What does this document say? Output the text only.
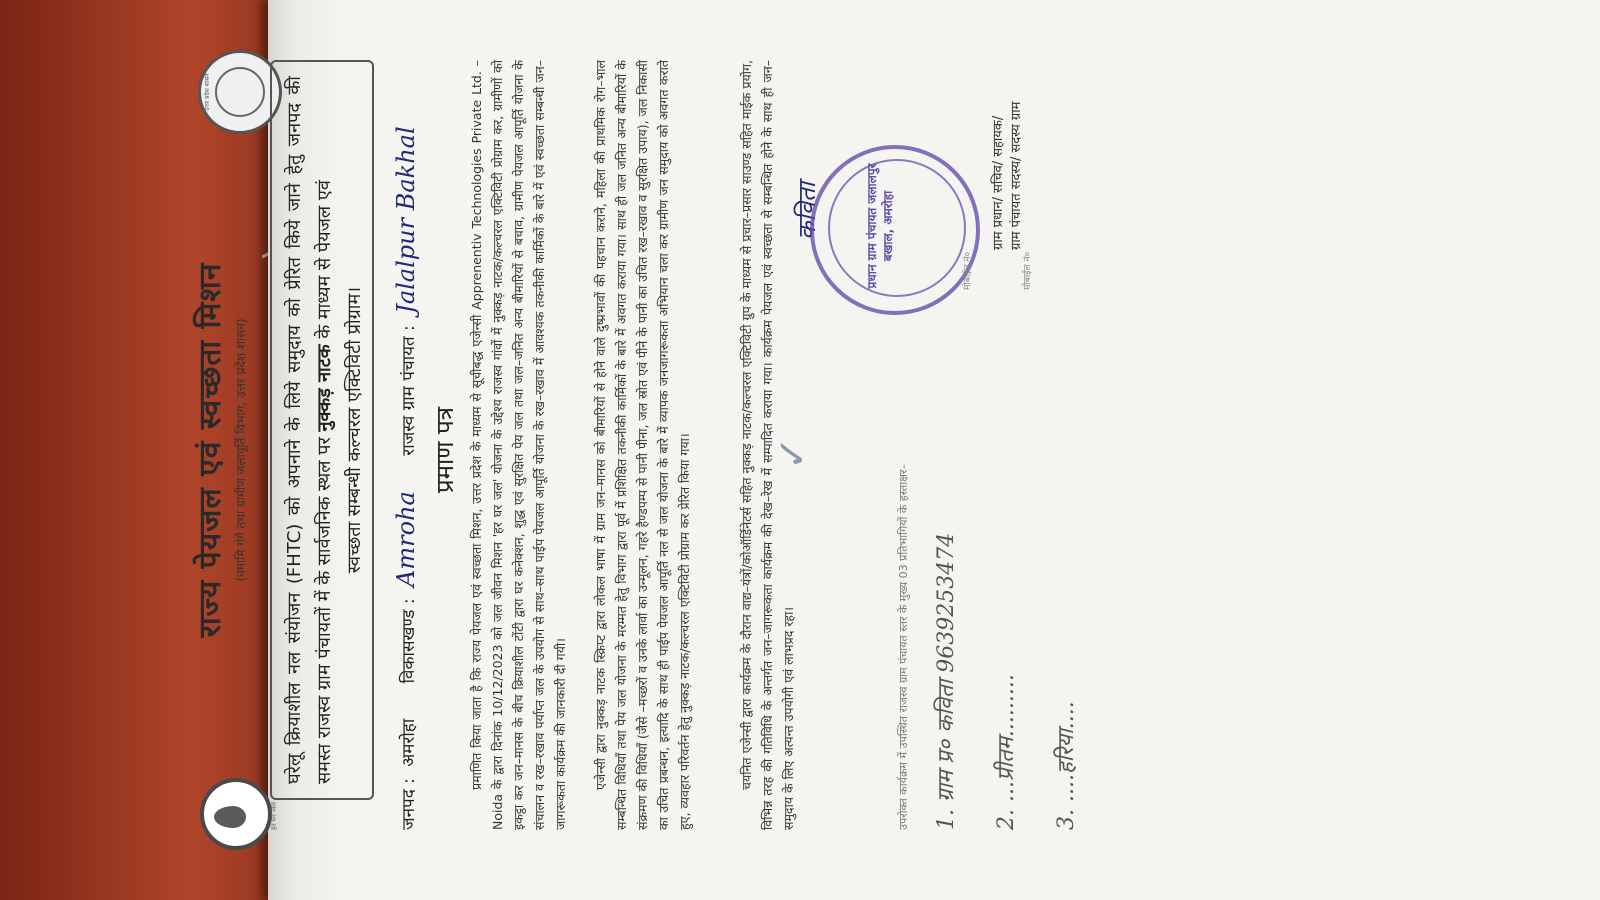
हर घर जल
उत्तर प्रदेश शासन
राज्य पेयजल एवं स्वच्छता मिशन (नमामि गंगे तथा ग्रामीण जलापूर्ति विभाग, उत्तर प्रदेश शासन)	घरेलू क्रियाशील नल संयोजन (FHTC) को अपनाने के लिये समुदाय को प्रेरित किये जाने हेतु जनपद की समस्त राजस्व ग्राम पंचायतों में के सार्वजनिक स्थल पर नुक्कड़ नाटक के माध्यम से पेयजल एवं
स्वच्छता सम्बन्धी कल्चरल एक्टिविटी प्रोग्राम।
जनपद : अमरोहा विकासखण्ड : Amroha राजस्व ग्राम पंचायत : Jalalpur Bakhal
प्रमाण पत्र प्रमाणित किया जाता है कि राज्य पेयजल एवं स्वच्छता मिशन, उत्तर प्रदेश के माध्यम से सूचीबद्ध एजेन्सी Apprenentiv Technologies Private Ltd. – Noida के द्वारा दिनांक 10/12/2023 को जल जीवन मिशन 'हर घर जल' योजना के उद्देश्य राजस्व गांवों में नुक्कड़ नाटक/कल्चरल एक्टिविटी प्रोग्राम कर, ग्रामीणों को इकट्ठा कर जन–मानस के बीच क्रियाशील टोंटी द्वारा घर कनेक्शन, शुद्ध एवं सुरक्षित पेय जल तथा जल–जनित अन्य बीमारियों से बचाव, ग्रामीण पेयजल आपूर्ति योजना के संचालन व रख–रखाव पर्याप्त जल के उपयोग से साथ–साथ पाईप पेयजल आपूर्ति योजना के रख–रखाव में आवश्यक तकनीकी कार्मिकों के बारे में एवं स्वच्छता सम्बन्धी जन–जागरूकता कार्यक्रम की जानकारी दी गयी। एजेन्सी द्वारा नुक्कड़ नाटक स्क्रिप्ट द्वारा लोकल भाषा में ग्राम जन–मानस को बीमारियों से होने वाले दुष्प्रभावों की पहचान कराने, महिला की प्राथमिक रोग–भाल सम्बन्धित विधियाँ तथा पेय जल योजना के मरम्मत हेतु विभाग द्वारा पूर्व में प्रशिक्षित तकनीकी कार्मिकों के बारे में अवगत कराया गया। साथ ही जल जनित अन्य बीमारियों के संक्रमण की विधियाँ (जैसे –मच्छरों व उनके लार्वा का उन्मूलन, गहरे हैण्डपम्प से पानी पीना, जल स्रोत एवं पीने के पानी का उचित रख–रखाव व सुरक्षित उपाय), जल निकासी का उचित प्रबन्धन, इत्यादि के साथ ही पाईप पेयजल आपूर्ति नल से जल योजना के बारे में व्यापक जनजागरूकता अभियान चला कर ग्रामीण जन समुदाय को अवगत कराते हुए, व्यवहार परिवर्तन हेतु नुक्कड़ नाटक/कल्चरल एक्टिविटी प्रोग्राम कर प्रेरित किया गया।	चयनित एजेन्सी द्वारा कार्यक्रम के दौरान वाद्य–यंत्रों/कोऑर्डिनेटर्स सहित नुक्कड़ नाटक/कल्चरल एक्टिविटी ग्रुप के माध्यम से प्रचार–प्रसार साउण्ड सहित माईक प्रयोग, विभिन्न तरह की गतिविधि के अन्तर्गत जन–जागरूकता कार्यक्रम की देख–रेख में सम्पादित कराया गया। कार्यक्रम पेयजल एवं स्वच्छता से सम्बन्धित होने के साथ ही जन–समुदाय के लिए अत्यन्त उपयोगी एवं लाभप्रद रहा।
कविता	प्रधान ग्राम पंचायत जलालपुर बखाल, अमरोहा	ग्राम प्रधान/ सचिव/ सहायक/ ग्राम पंचायत सदस्य/ सदस्य ग्राम
उपरोक्त कार्यक्रम में उपस्थित राजस्व ग्राम पंचायत स्तर के मुख्य 03 प्रतिभागियों के हस्ताक्षर– 1. ग्राम प्र० कविता 9639253474 2. ...प्रीतम......... 3. ....हरिया....
मोबाईल नं०	मोबाईल नं०
✓
